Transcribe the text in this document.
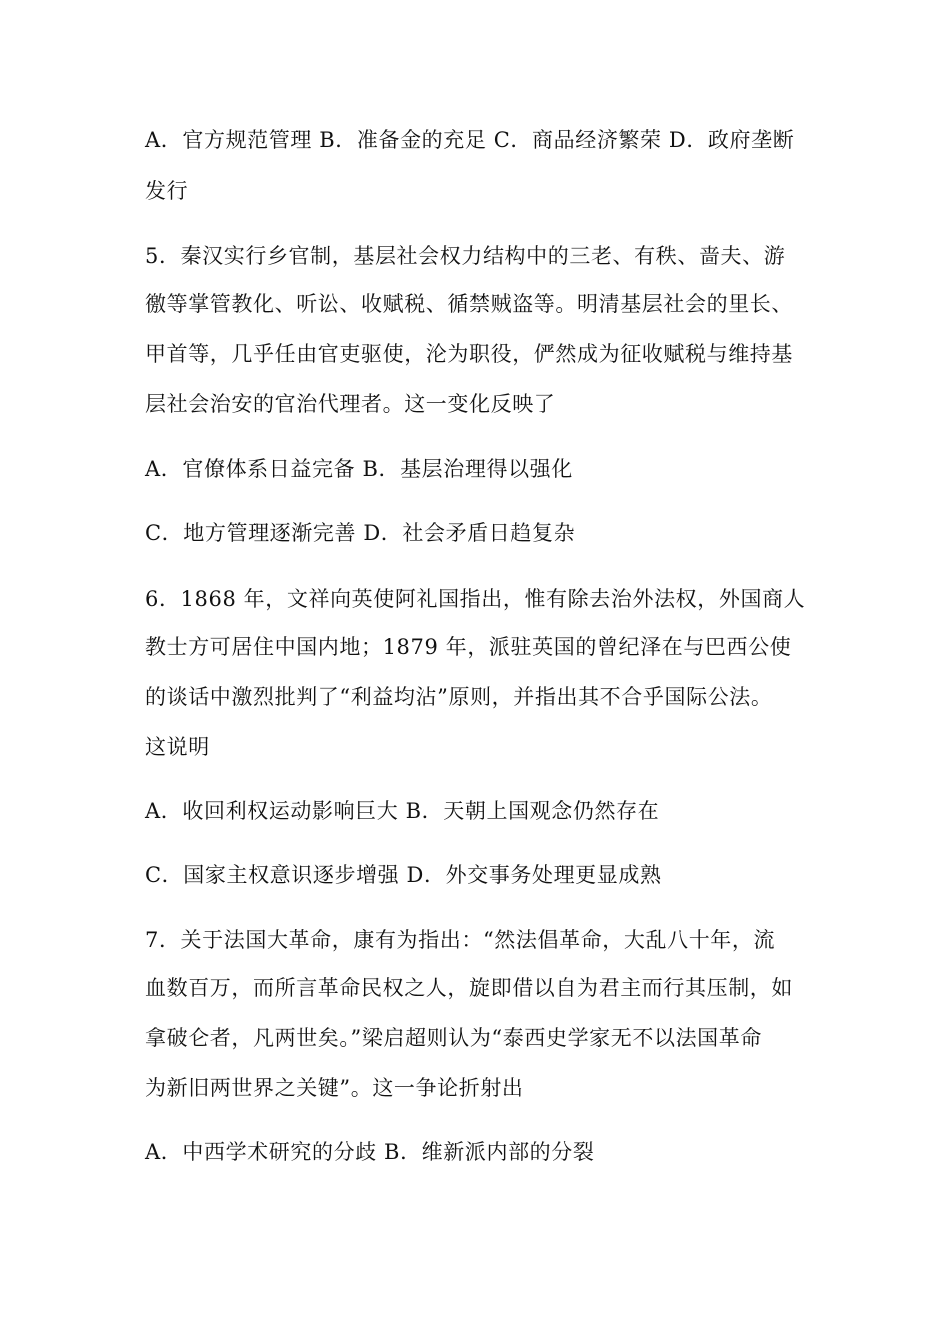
A．官方规范管理 B．准备金的充足 C．商品经济繁荣 D．政府垄断
发行
5．秦汉实行乡官制，基层社会权力结构中的三老、有秩、啬夫、游
徼等掌管教化、听讼、收赋税、循禁贼盗等。明清基层社会的里长、
甲首等，几乎任由官吏驱使，沦为职役，俨然成为征收赋税与维持基
层社会治安的官治代理者。这一变化反映了
A．官僚体系日益完备 B．基层治理得以强化
C．地方管理逐渐完善 D．社会矛盾日趋复杂
6．1868 年，文祥向英使阿礼国指出，惟有除去治外法权，外国商人
教士方可居住中国内地；1879 年，派驻英国的曾纪泽在与巴西公使
的谈话中激烈批判了“利益均沾”原则，并指出其不合乎国际公法。
这说明
A．收回利权运动影响巨大 B．天朝上国观念仍然存在
C．国家主权意识逐步增强 D．外交事务处理更显成熟
7．关于法国大革命，康有为指出：“然法倡革命，大乱八十年，流
血数百万，而所言革命民权之人，旋即借以自为君主而行其压制，如
拿破仑者，凡两世矣。”梁启超则认为“泰西史学家无不以法国革命
为新旧两世界之关键”。这一争论折射出
A．中西学术研究的分歧 B．维新派内部的分裂
